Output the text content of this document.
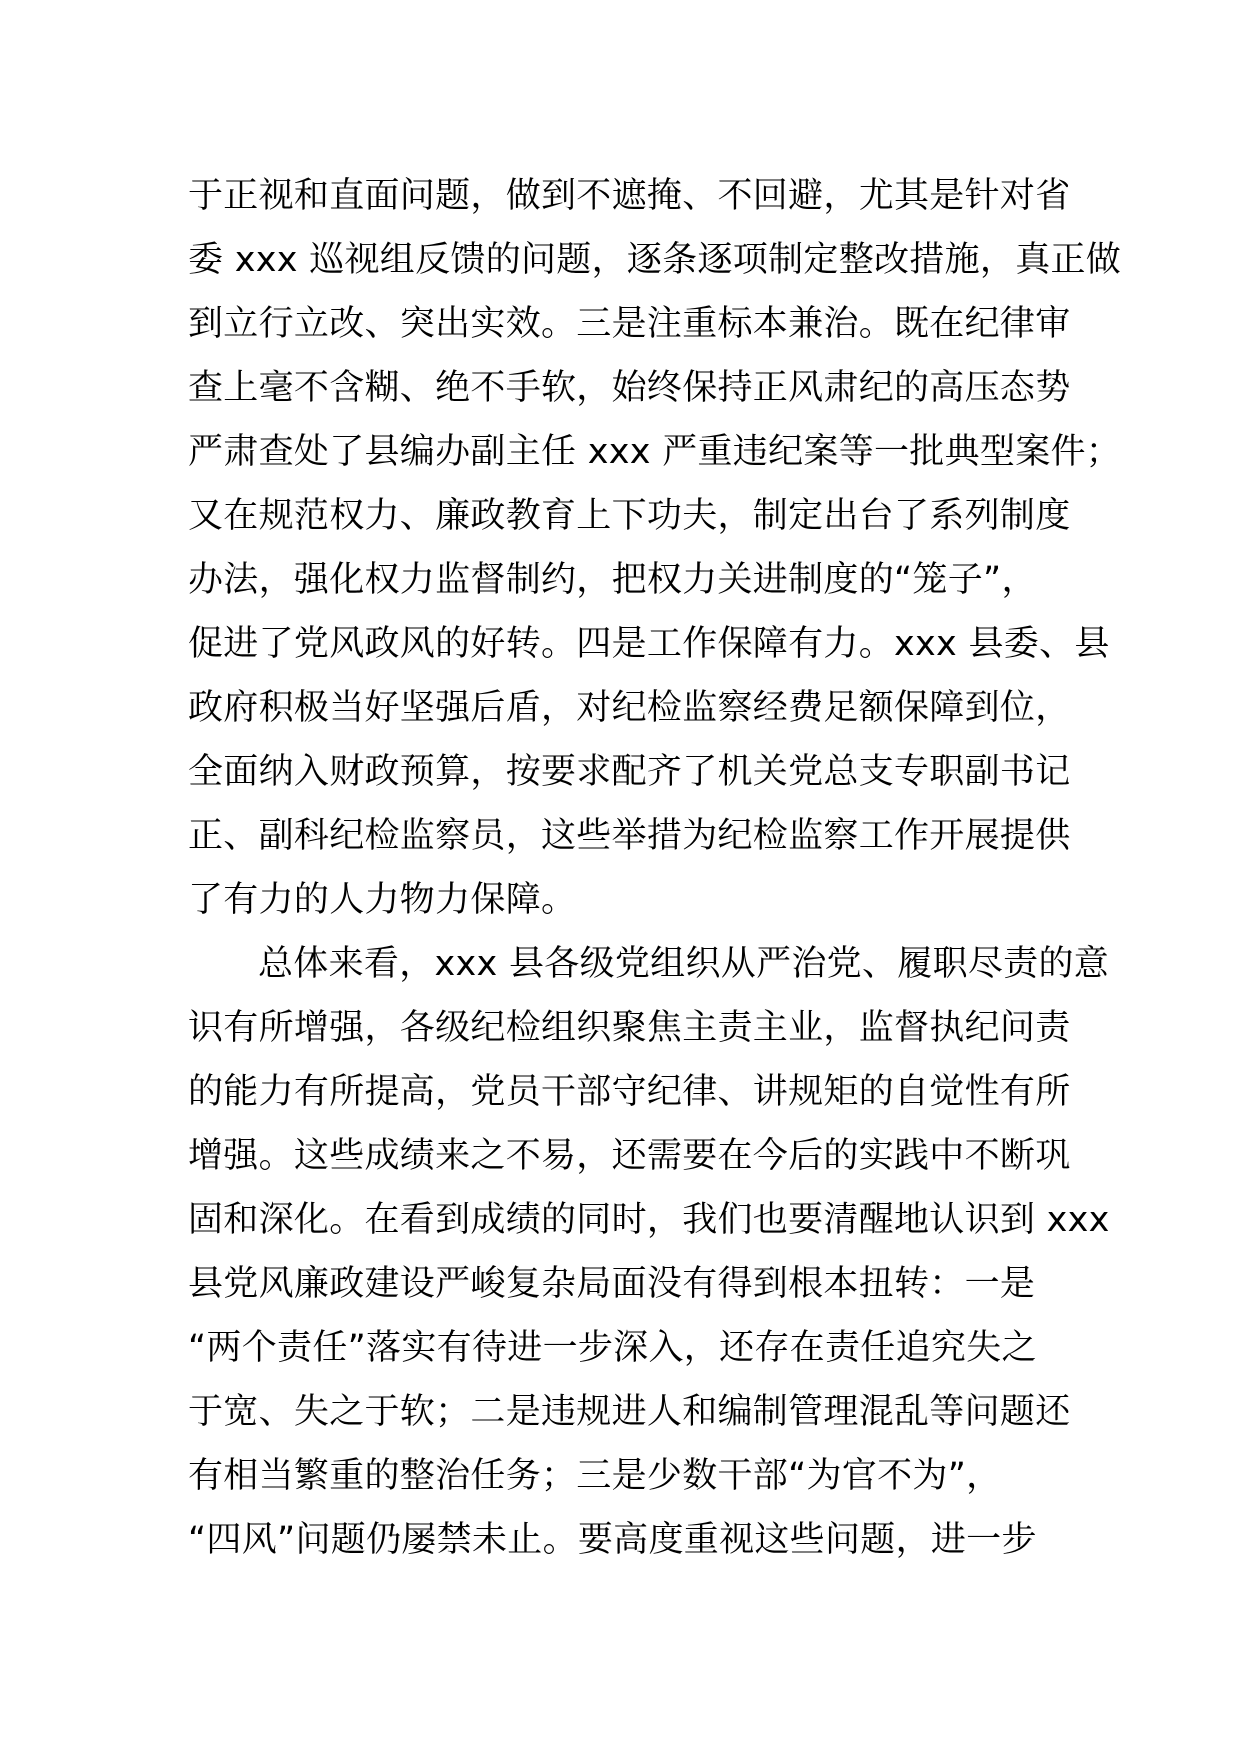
于正视和直面问题，做到不遮掩、不回避，尤其是针对省
委 xxx 巡视组反馈的问题，逐条逐项制定整改措施，真正做
到立行立改、突出实效。三是注重标本兼治。既在纪律审
查上毫不含糊、绝不手软，始终保持正风肃纪的高压态势
严肃查处了县编办副主任 xxx 严重违纪案等一批典型案件；
又在规范权力、廉政教育上下功夫，制定出台了系列制度
办法，强化权力监督制约，把权力关进制度的“笼子”，
促进了党风政风的好转。四是工作保障有力。xxx 县委、县
政府积极当好坚强后盾，对纪检监察经费足额保障到位，
全面纳入财政预算，按要求配齐了机关党总支专职副书记
正、副科纪检监察员，这些举措为纪检监察工作开展提供
了有力的人力物力保障。
总体来看，xxx 县各级党组织从严治党、履职尽责的意
识有所增强，各级纪检组织聚焦主责主业，监督执纪问责
的能力有所提高，党员干部守纪律、讲规矩的自觉性有所
增强。这些成绩来之不易，还需要在今后的实践中不断巩
固和深化。在看到成绩的同时，我们也要清醒地认识到 xxx
县党风廉政建设严峻复杂局面没有得到根本扭转：一是
“两个责任”落实有待进一步深入，还存在责任追究失之
于宽、失之于软；二是违规进人和编制管理混乱等问题还
有相当繁重的整治任务；三是少数干部“为官不为”，
“四风”问题仍屡禁未止。要高度重视这些问题，进一步
